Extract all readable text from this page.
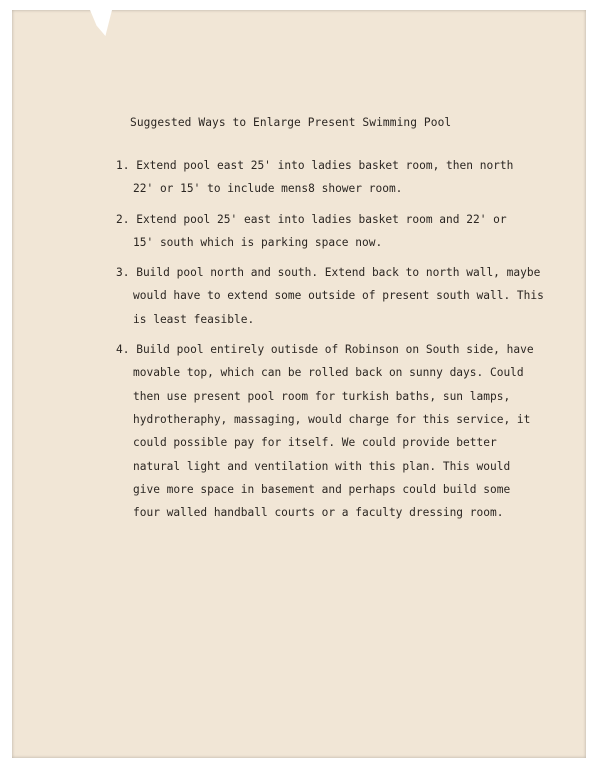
Suggested Ways to Enlarge Present Swimming Pool
1. Extend pool east 25' into ladies basket room, then north
22' or 15' to include mens8 shower room.
2. Extend pool 25' east into ladies basket room and 22' or
15' south which is parking space now.
3. Build pool north and south. Extend back to north wall, maybe
would have to extend some outside of present south wall. This
is least feasible.
4. Build pool entirely outisde of Robinson on South side, have
movable top, which can be rolled back on sunny days. Could
then use present pool room for turkish baths, sun lamps,
hydrotheraphy, massaging, would charge for this service, it
could possible pay for itself. We could provide better
natural light and ventilation with this plan. This would
give more space in basement and perhaps could build some
four walled handball courts or a faculty dressing room.
